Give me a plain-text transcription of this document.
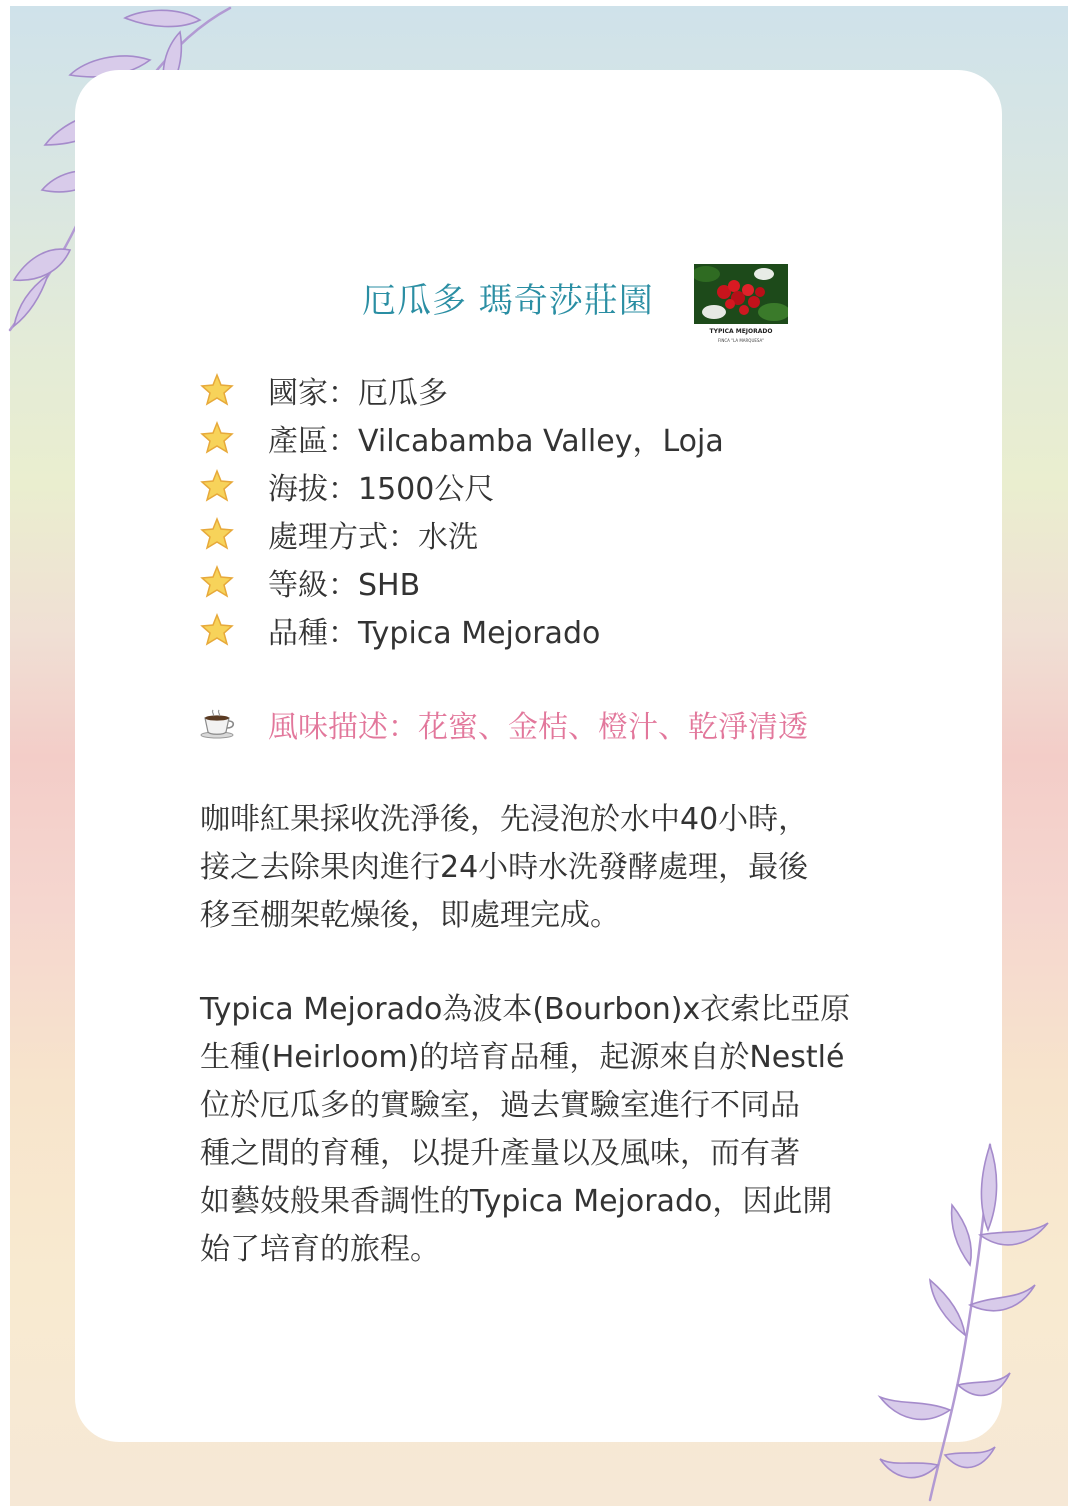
厄瓜多 瑪奇莎莊園
TYPICA MEJORADO
FINCA "LA MARQUESA"
國家：厄瓜多
產區：Vilcabamba Valley，Loja
海拔：1500公尺
處理方式：水洗
等級：SHB
品種：Typica Mejorado
風味描述：花蜜、金桔、橙汁、乾淨清透
咖啡紅果採收洗淨後，先浸泡於水中40小時，
接之去除果肉進行24小時水洗發酵處理，最後
移至棚架乾燥後，即處理完成。
Typica Mejorado為波本(Bourbon)x衣索比亞原
生種(Heirloom)的培育品種，起源來自於Nestlé
位於厄瓜多的實驗室，過去實驗室進行不同品
種之間的育種，以提升產量以及風味，而有著
如藝妓般果香調性的Typica Mejorado，因此開
始了培育的旅程。
